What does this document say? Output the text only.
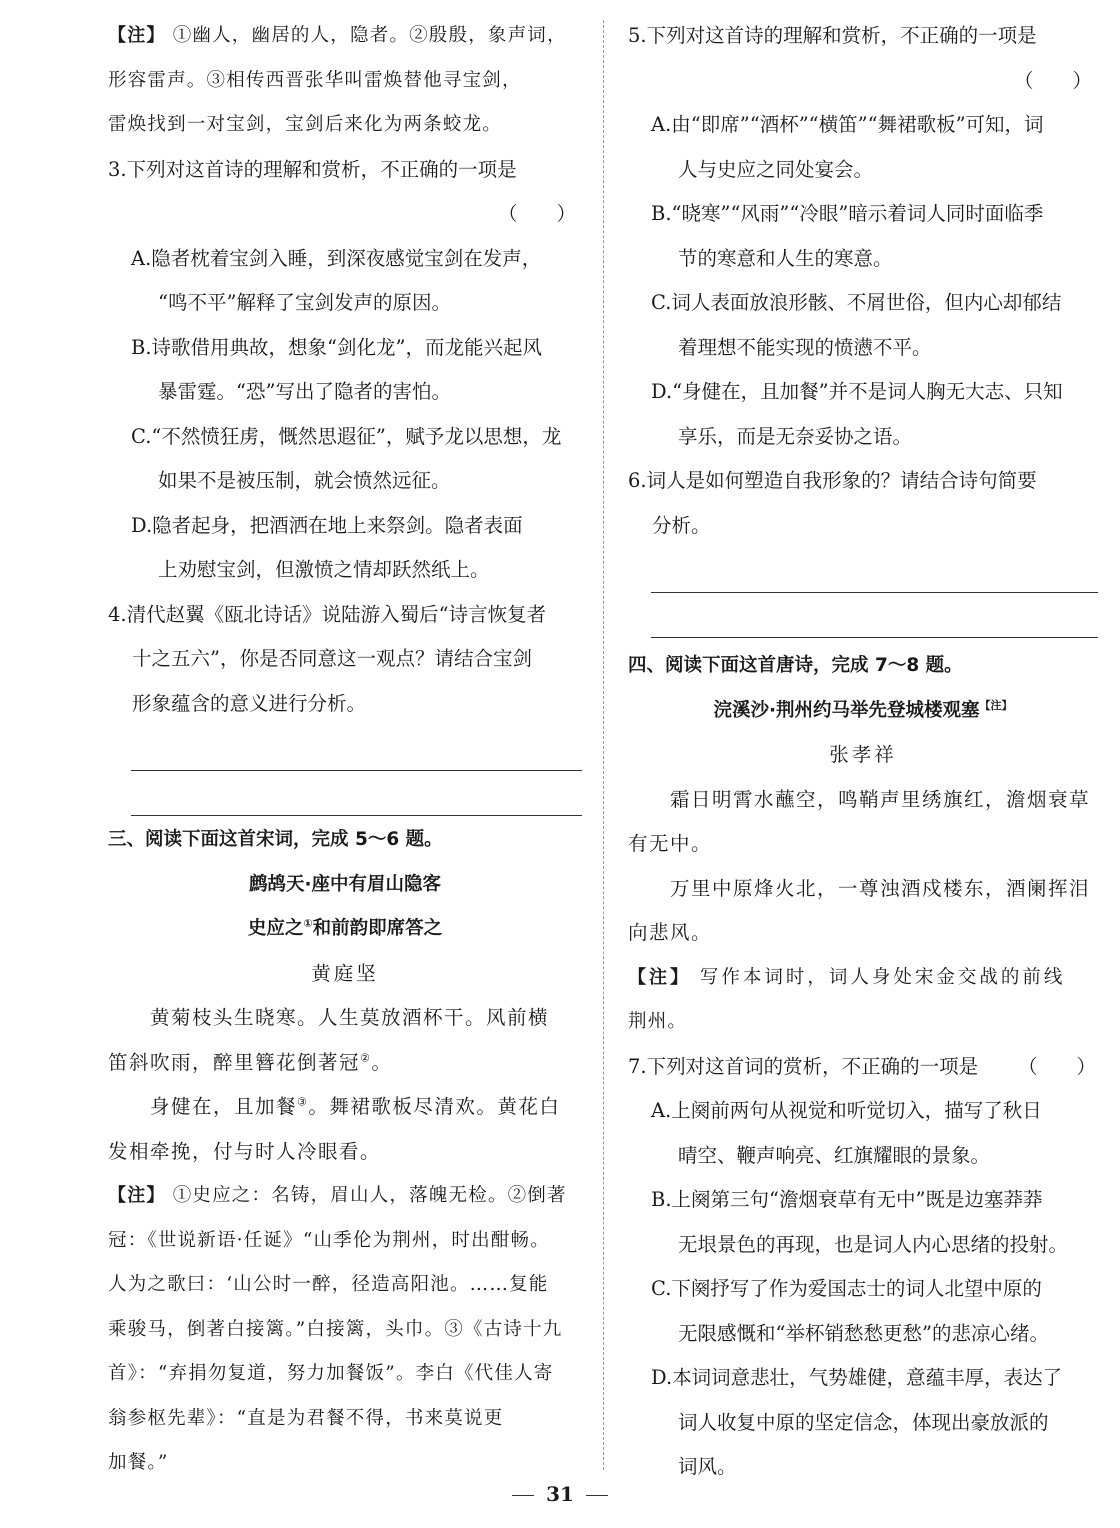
【注】 ①幽人，幽居的人，隐者。②殷殷，象声词，

形容雷声。③相传西晋张华叫雷焕替他寻宝剑，

雷焕找到一对宝剑，宝剑后来化为两条蛟龙。

3.下列对这首诗的理解和赏析，不正确的一项是

（　　）

A.隐者枕着宝剑入睡，到深夜感觉宝剑在发声，

“鸣不平”解释了宝剑发声的原因。

B.诗歌借用典故，想象“剑化龙”，而龙能兴起风

暴雷霆。“恐”写出了隐者的害怕。

C.“不然愤狂虏，慨然思遐征”，赋予龙以思想，龙

如果不是被压制，就会愤然远征。

D.隐者起身，把酒洒在地上来祭剑。隐者表面

上劝慰宝剑，但激愤之情却跃然纸上。

4.清代赵翼《瓯北诗话》说陆游入蜀后“诗言恢复者

十之五六”，你是否同意这一观点？请结合宝剑

形象蕴含的意义进行分析。

三、阅读下面这首宋词，完成 5～6 题。

鹧鸪天·座中有眉山隐客

史应之①和前韵即席答之

黄庭坚

黄菊枝头生晓寒。人生莫放酒杯干。风前横

笛斜吹雨，醉里簪花倒著冠②。

身健在，且加餐③。舞裙歌板尽清欢。黄花白

发相牵挽，付与时人冷眼看。

【注】 ①史应之：名铸，眉山人，落魄无检。②倒著

冠：《世说新语·任诞》“山季伦为荆州，时出酣畅。

人为之歌曰：‘山公时一醉，径造高阳池。……复能

乘骏马，倒著白接篱。”白接篱，头巾。③《古诗十九

首》：“弃捐勿复道，努力加餐饭”。李白《代佳人寄

翁参枢先辈》：“直是为君餐不得，书来莫说更

加餐。”

5.下列对这首诗的理解和赏析，不正确的一项是

（　　）

A.由“即席”“酒杯”“横笛”“舞裙歌板”可知，词

人与史应之同处宴会。

B.“晓寒”“风雨”“冷眼”暗示着词人同时面临季

节的寒意和人生的寒意。

C.词人表面放浪形骸、不屑世俗，但内心却郁结

着理想不能实现的愤懑不平。

D.“身健在，且加餐”并不是词人胸无大志、只知

享乐，而是无奈妥协之语。

6.词人是如何塑造自我形象的？请结合诗句简要

分析。

四、阅读下面这首唐诗，完成 7～8 题。

浣溪沙·荆州约马举先登城楼观塞$^{【注】}$

张孝祥

霜日明霄水蘸空，鸣鞘声里绣旗红，澹烟衰草

有无中。

万里中原烽火北，一尊浊酒戍楼东，酒阑挥泪

向悲风。

【注】 写作本词时，词人身处宋金交战的前线

荆州。

7.下列对这首词的赏析，不正确的一项是 （　　）

A.上阕前两句从视觉和听觉切入，描写了秋日

晴空、鞭声响亮、红旗耀眼的景象。

B.上阕第三句“澹烟衰草有无中”既是边塞莽莽

无垠景色的再现，也是词人内心思绪的投射。

C.下阕抒写了作为爱国志士的词人北望中原的

无限感慨和“举杯销愁愁更愁”的悲凉心绪。

D.本词词意悲壮，气势雄健，意蕴丰厚，表达了

词人收复中原的坚定信念，体现出豪放派的

词风。

31
